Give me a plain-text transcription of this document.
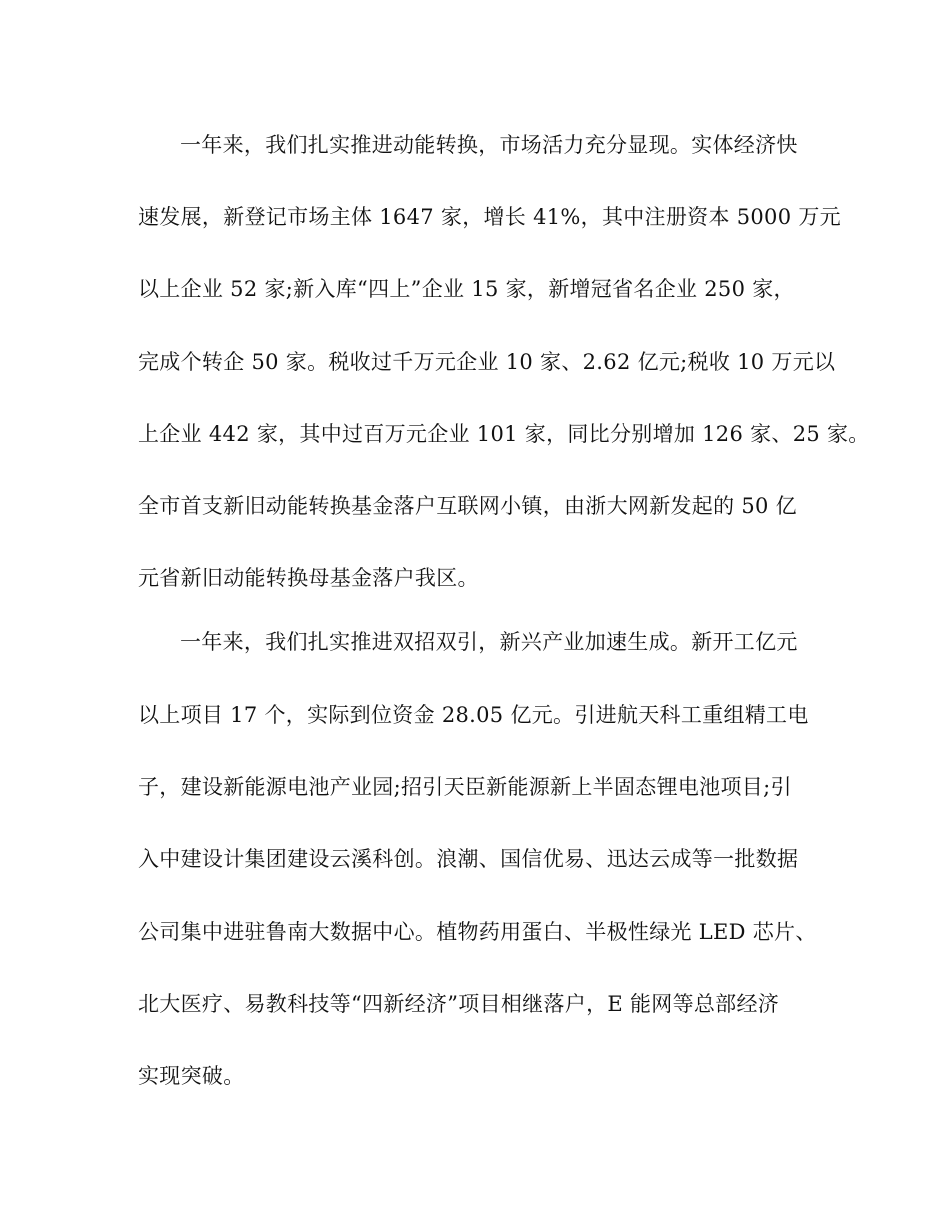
一年来，我们扎实推进动能转换，市场活力充分显现。实体经济快
速发展，新登记市场主体 1647 家，增长 41%，其中注册资本 5000 万元
以上企业 52 家;新入库“四上”企业 15 家，新增冠省名企业 250 家，
完成个转企 50 家。税收过千万元企业 10 家、2.62 亿元;税收 10 万元以
上企业 442 家，其中过百万元企业 101 家，同比分别增加 126 家、25 家。
全市首支新旧动能转换基金落户互联网小镇，由浙大网新发起的 50 亿
元省新旧动能转换母基金落户我区。
一年来，我们扎实推进双招双引，新兴产业加速生成。新开工亿元
以上项目 17 个，实际到位资金 28.05 亿元。引进航天科工重组精工电
子，建设新能源电池产业园;招引天臣新能源新上半固态锂电池项目;引
入中建设计集团建设云溪科创。浪潮、国信优易、迅达云成等一批数据
公司集中进驻鲁南大数据中心。植物药用蛋白、半极性绿光 LED 芯片、
北大医疗、易教科技等“四新经济”项目相继落户，E 能网等总部经济
实现突破。
